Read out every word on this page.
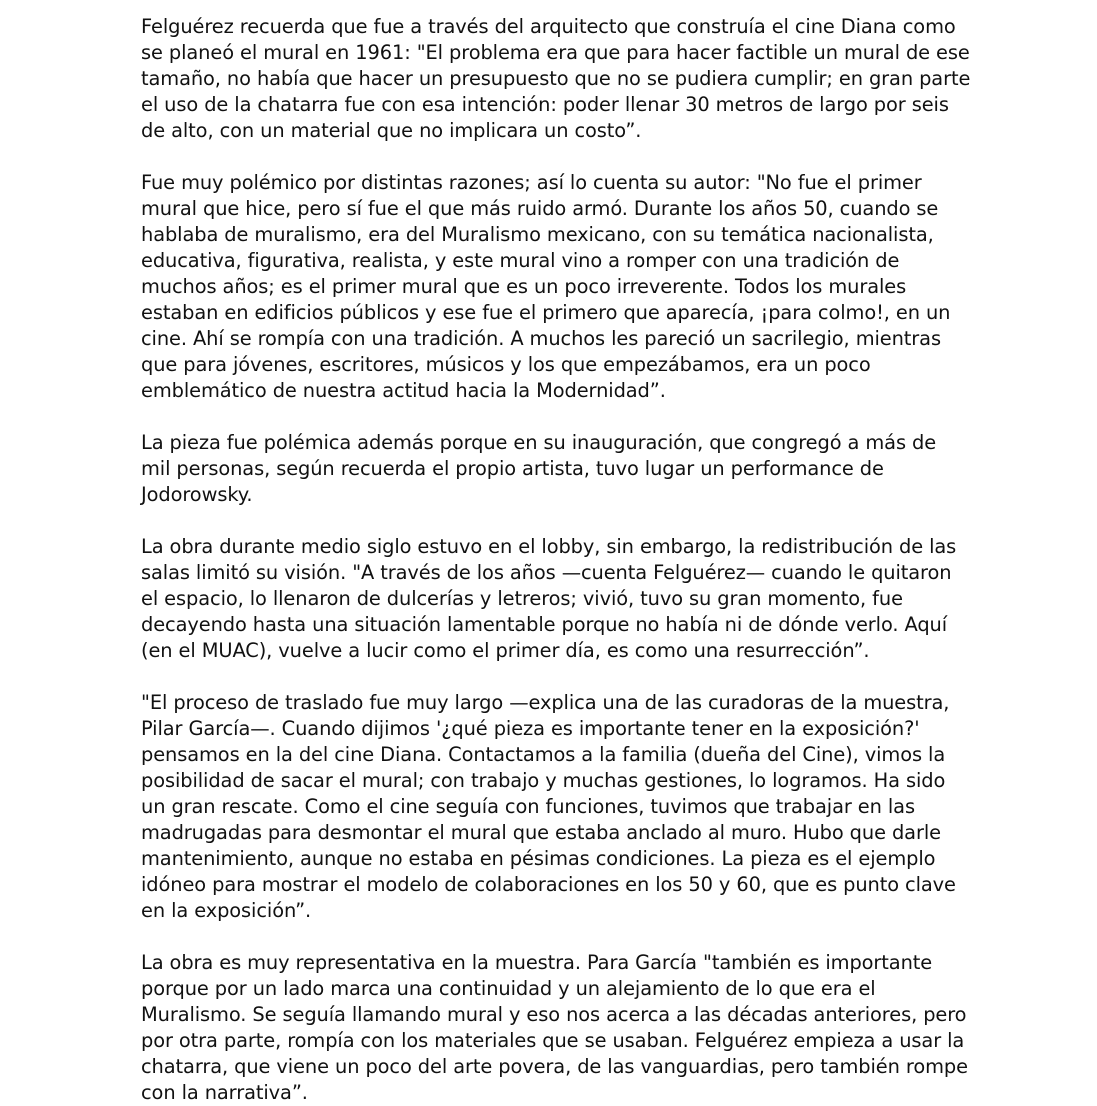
Felguérez recuerda que fue a través del arquitecto que construía el cine Diana como se planeó el mural en 1961: "El problema era que para hacer factible un mural de ese tamaño, no había que hacer un presupuesto que no se pudiera cumplir; en gran parte el uso de la chatarra fue con esa intención: poder llenar 30 metros de largo por seis de alto, con un material que no implicara un costo”.

Fue muy polémico por distintas razones; así lo cuenta su autor: "No fue el primer mural que hice, pero sí fue el que más ruido armó. Durante los años 50, cuando se hablaba de muralismo, era del Muralismo mexicano, con su temática nacionalista, educativa, figurativa, realista, y este mural vino a romper con una tradición de muchos años; es el primer mural que es un poco irreverente. Todos los murales estaban en edificios públicos y ese fue el primero que aparecía, ¡para colmo!, en un cine. Ahí se rompía con una tradición. A muchos les pareció un sacrilegio, mientras que para jóvenes, escritores, músicos y los que empezábamos, era un poco emblemático de nuestra actitud hacia la Modernidad”.

La pieza fue polémica además porque en su inauguración, que congregó a más de mil personas, según recuerda el propio artista, tuvo lugar un performance de Jodorowsky.

La obra durante medio siglo estuvo en el lobby, sin embargo, la redistribución de las salas limitó su visión. "A través de los años —cuenta Felguérez— cuando le quitaron el espacio, lo llenaron de dulcerías y letreros; vivió, tuvo su gran momento, fue decayendo hasta una situación lamentable porque no había ni de dónde verlo. Aquí (en el MUAC), vuelve a lucir como el primer día, es como una resurrección”.

"El proceso de traslado fue muy largo —explica una de las curadoras de la muestra, Pilar García—. Cuando dijimos '¿qué pieza es importante tener en la exposición?' pensamos en la del cine Diana. Contactamos a la familia (dueña del Cine), vimos la posibilidad de sacar el mural; con trabajo y muchas gestiones, lo logramos. Ha sido un gran rescate. Como el cine seguía con funciones, tuvimos que trabajar en las madrugadas para desmontar el mural que estaba anclado al muro. Hubo que darle mantenimiento, aunque no estaba en pésimas condiciones. La pieza es el ejemplo idóneo para mostrar el modelo de colaboraciones en los 50 y 60, que es punto clave en la exposición”.

La obra es muy representativa en la muestra. Para García "también es importante porque por un lado marca una continuidad y un alejamiento de lo que era el Muralismo. Se seguía llamando mural y eso nos acerca a las décadas anteriores, pero por otra parte, rompía con los materiales que se usaban. Felguérez empieza a usar la chatarra, que viene un poco del arte povera, de las vanguardias, pero también rompe con la narrativa”.
